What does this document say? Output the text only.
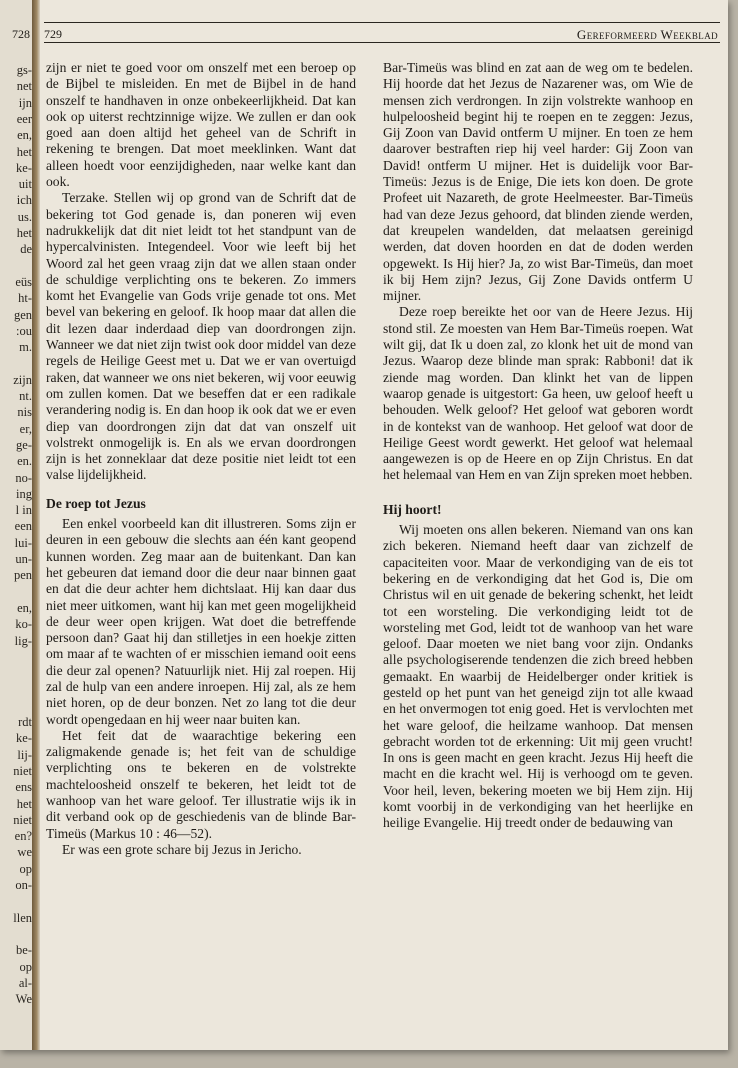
728
gs-
net
ijn
eer
en,
het
ke-
uit
ich
us.
het
de
eüs
ht-
gen
:ou
m.
zijn
nt.
nis
er,
ge-
en.
no-
ing
l in
een
lui-
un-
pen
en,
ko-
lig-
rdt
ke-
lij-
niet
ens
het
niet
en?
we
op
on-
llen
be-
op
al-
We
729	Gereformeerd Weekblad

zijn er niet te goed voor om onszelf met een beroep op de Bijbel te misleiden. En met de Bijbel in de hand onszelf te handhaven in onze onbekeerlijkheid. Dat kan ook op uiterst rechtzinnige wijze. We zullen er dan ook goed aan doen altijd het geheel van de Schrift in rekening te brengen. Dat moet meeklinken. Want dat alleen hoedt voor eenzijdigheden, naar welke kant dan ook.

Terzake. Stellen wij op grond van de Schrift dat de bekering tot God genade is, dan poneren wij even nadrukkelijk dat dit niet leidt tot het standpunt van de hypercalvinisten. Integendeel. Voor wie leeft bij het Woord zal het geen vraag zijn dat we allen staan onder de schuldige verplichting ons te bekeren. Zo immers komt het Evangelie van Gods vrije genade tot ons. Met bevel van bekering en geloof. Ik hoop maar dat allen die dit lezen daar inderdaad diep van doordrongen zijn. Wanneer we dat niet zijn twist ook door middel van deze regels de Heilige Geest met u. Dat we er van overtuigd raken, dat wanneer we ons niet bekeren, wij voor eeuwig om zullen komen. Dat we beseffen dat er een radikale verandering nodig is. En dan hoop ik ook dat we er even diep van doordrongen zijn dat dat van onszelf uit volstrekt onmogelijk is. En als we ervan doordrongen zijn is het zonneklaar dat deze positie niet leidt tot een valse lijdelijkheid.

De roep tot Jezus

Een enkel voorbeeld kan dit illustreren. Soms zijn er deuren in een gebouw die slechts aan één kant geopend kunnen worden. Zeg maar aan de buitenkant. Dan kan het gebeuren dat iemand door die deur naar binnen gaat en dat die deur achter hem dichtslaat. Hij kan daar dus niet meer uitkomen, want hij kan met geen mogelijkheid de deur weer open krijgen. Wat doet die betreffende persoon dan? Gaat hij dan stilletjes in een hoekje zitten om maar af te wachten of er misschien iemand ooit eens die deur zal openen? Natuurlijk niet. Hij zal roepen. Hij zal de hulp van een andere inroepen. Hij zal, als ze hem niet horen, op de deur bonzen. Net zo lang tot die deur wordt opengedaan en hij weer naar buiten kan.

Het feit dat de waarachtige bekering een zaligmakende genade is; het feit van de schuldige verplichting ons te bekeren en de volstrekte machteloosheid onszelf te bekeren, het leidt tot de wanhoop van het ware geloof. Ter illustratie wijs ik in dit verband ook op de geschiedenis van de blinde Bar-Timeüs (Markus 10 : 46—52).

Er was een grote schare bij Jezus in Jericho.

Bar-Timeüs was blind en zat aan de weg om te bedelen. Hij hoorde dat het Jezus de Nazarener was, om Wie de mensen zich verdrongen. In zijn volstrekte wanhoop en hulpeloosheid begint hij te roepen en te zeggen: Jezus, Gij Zoon van David ontferm U mijner. En toen ze hem daarover bestraften riep hij veel harder: Gij Zoon van David! ontferm U mijner. Het is duidelijk voor Bar-Timeüs: Jezus is de Enige, Die iets kon doen. De grote Profeet uit Nazareth, de grote Heelmeester. Bar-Timeüs had van deze Jezus gehoord, dat blinden ziende werden, dat kreupelen wandelden, dat melaatsen gereinigd werden, dat doven hoorden en dat de doden werden opgewekt. Is Hij hier? Ja, zo wist Bar-Timeüs, dan moet ik bij Hem zijn? Jezus, Gij Zone Davids ontferm U mijner.

Deze roep bereikte het oor van de Heere Jezus. Hij stond stil. Ze moesten van Hem Bar-Timeüs roepen. Wat wilt gij, dat Ik u doen zal, zo klonk het uit de mond van Jezus. Waarop deze blinde man sprak: Rabboni! dat ik ziende mag worden. Dan klinkt het van de lippen waarop genade is uitgestort: Ga heen, uw geloof heeft u behouden. Welk geloof? Het geloof wat geboren wordt in de kontekst van de wanhoop. Het geloof wat door de Heilige Geest wordt gewerkt. Het geloof wat helemaal aangewezen is op de Heere en op Zijn Christus. En dat het helemaal van Hem en van Zijn spreken moet hebben.

Hij hoort!

Wij moeten ons allen bekeren. Niemand van ons kan zich bekeren. Niemand heeft daar van zichzelf de capaciteiten voor. Maar de verkondiging van de eis tot bekering en de verkondiging dat het God is, Die om Christus wil en uit genade de bekering schenkt, het leidt tot een worsteling. Die verkondiging leidt tot de worsteling met God, leidt tot de wanhoop van het ware geloof. Daar moeten we niet bang voor zijn. Ondanks alle psychologiserende tendenzen die zich breed hebben gemaakt. En waarbij de Heidelberger onder kritiek is gesteld op het punt van het geneigd zijn tot alle kwaad en het onvermogen tot enig goed. Het is vervlochten met het ware geloof, die heilzame wanhoop. Dat mensen gebracht worden tot de erkenning: Uit mij geen vrucht! In ons is geen macht en geen kracht. Jezus Hij heeft die macht en die kracht wel. Hij is verhoogd om te geven. Voor heil, leven, bekering moeten we bij Hem zijn. Hij komt voorbij in de verkondiging van het heerlijke en heilige Evangelie. Hij treedt onder de bedauwing van
